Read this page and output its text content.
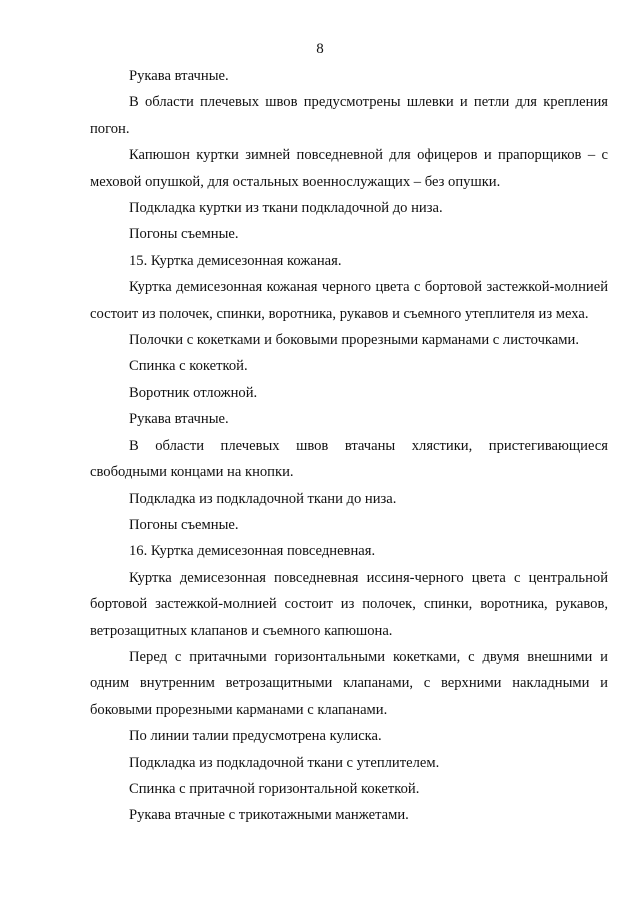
8

Рукава втачные.

В области плечевых швов предусмотрены шлевки и петли для крепления погон.

Капюшон куртки зимней повседневной для офицеров и прапорщиков – с меховой опушкой, для остальных военнослужащих – без опушки.

Подкладка куртки из ткани подкладочной до низа.

Погоны съемные.

15. Куртка демисезонная кожаная.

Куртка демисезонная кожаная черного цвета с бортовой застежкой-молнией состоит из полочек, спинки, воротника, рукавов и съемного утеплителя из меха.

Полочки с кокетками и боковыми прорезными карманами с листочками.

Спинка с кокеткой.

Воротник отложной.

Рукава втачные.

В области плечевых швов втачаны хлястики, пристегивающиеся свободными концами на кнопки.

Подкладка из подкладочной ткани до низа.

Погоны съемные.

16. Куртка демисезонная повседневная.

Куртка демисезонная повседневная иссиня-черного цвета с центральной бортовой застежкой-молнией состоит из полочек, спинки, воротника, рукавов, ветрозащитных клапанов и съемного капюшона.

Перед с притачными горизонтальными кокетками, с двумя внешними и одним внутренним ветрозащитными клапанами, с верхними накладными и боковыми прорезными карманами с клапанами.

По линии талии предусмотрена кулиска.

Подкладка из подкладочной ткани с утеплителем.

Спинка с притачной горизонтальной кокеткой.

Рукава втачные с трикотажными манжетами.
